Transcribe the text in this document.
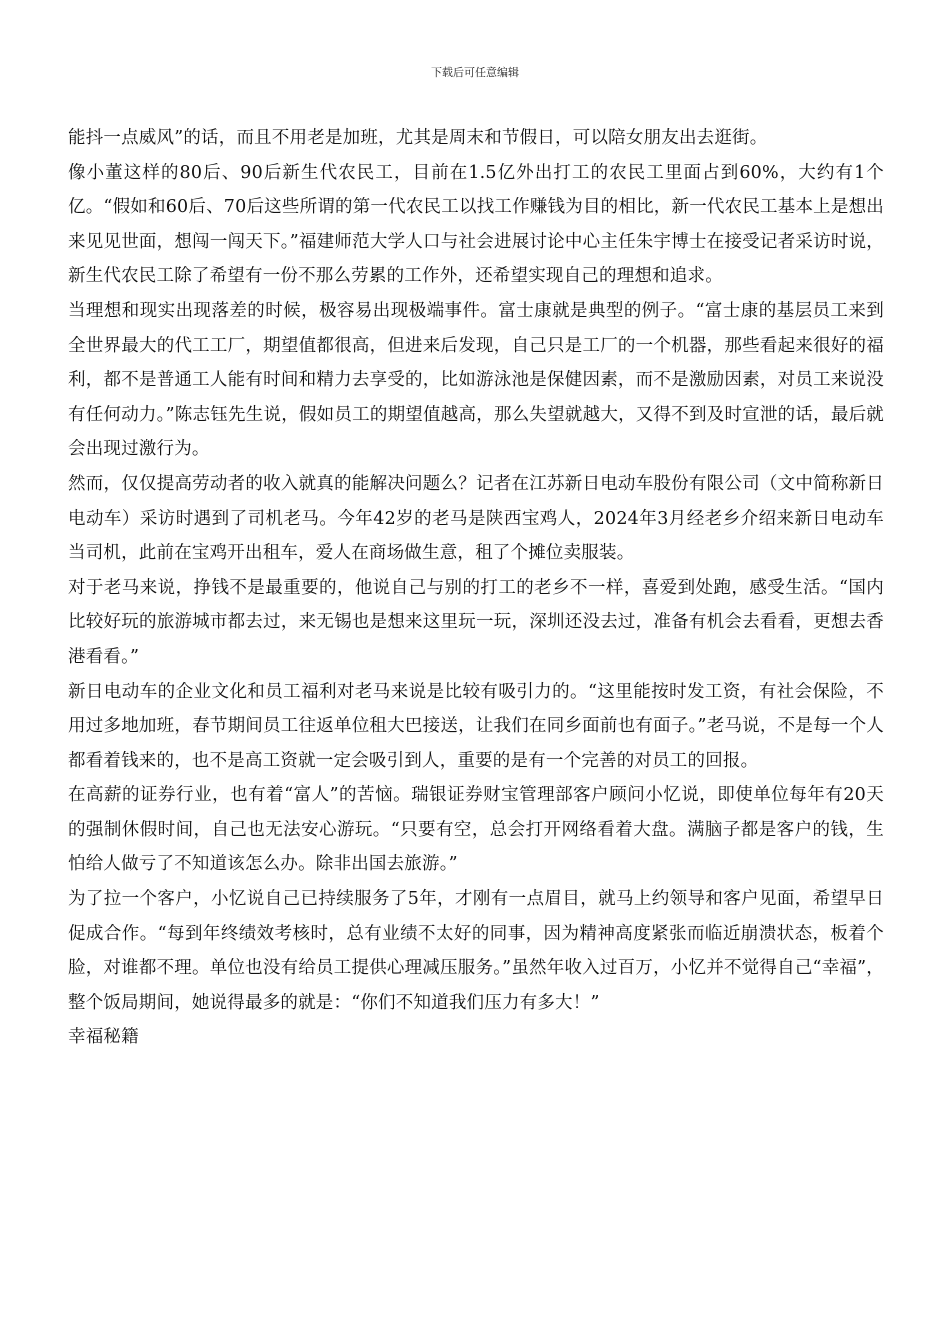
下载后可任意编辑

能抖一点威风”的话，而且不用老是加班，尤其是周末和节假日，可以陪女朋友出去逛街。

像小董这样的80后、90后新生代农民工，目前在1.5亿外出打工的农民工里面占到60%，大约有1个亿。“假如和60后、70后这些所谓的第一代农民工以找工作赚钱为目的相比，新一代农民工基本上是想出来见见世面，想闯一闯天下。”福建师范大学人口与社会进展讨论中心主任朱宇博士在接受记者采访时说，新生代农民工除了希望有一份不那么劳累的工作外，还希望实现自己的理想和追求。

当理想和现实出现落差的时候，极容易出现极端事件。富士康就是典型的例子。“富士康的基层员工来到全世界最大的代工工厂，期望值都很高，但进来后发现，自己只是工厂的一个机器，那些看起来很好的福利，都不是普通工人能有时间和精力去享受的，比如游泳池是保健因素，而不是激励因素，对员工来说没有任何动力。”陈志钰先生说，假如员工的期望值越高，那么失望就越大，又得不到及时宣泄的话，最后就会出现过激行为。

然而，仅仅提高劳动者的收入就真的能解决问题么？记者在江苏新日电动车股份有限公司（文中简称新日电动车）采访时遇到了司机老马。今年42岁的老马是陕西宝鸡人，2024年3月经老乡介绍来新日电动车当司机，此前在宝鸡开出租车，爱人在商场做生意，租了个摊位卖服装。

对于老马来说，挣钱不是最重要的，他说自己与别的打工的老乡不一样，喜爱到处跑，感受生活。“国内比较好玩的旅游城市都去过，来无锡也是想来这里玩一玩，深圳还没去过，准备有机会去看看，更想去香港看看。”

新日电动车的企业文化和员工福利对老马来说是比较有吸引力的。“这里能按时发工资，有社会保险，不用过多地加班，春节期间员工往返单位租大巴接送，让我们在同乡面前也有面子。”老马说，不是每一个人都看着钱来的，也不是高工资就一定会吸引到人，重要的是有一个完善的对员工的回报。

在高薪的证券行业，也有着“富人”的苦恼。瑞银证券财宝管理部客户顾问小忆说，即使单位每年有20天的强制休假时间，自己也无法安心游玩。“只要有空，总会打开网络看着大盘。满脑子都是客户的钱，生怕给人做亏了不知道该怎么办。除非出国去旅游。”

为了拉一个客户，小忆说自己已持续服务了5年，才刚有一点眉目，就马上约领导和客户见面，希望早日促成合作。“每到年终绩效考核时，总有业绩不太好的同事，因为精神高度紧张而临近崩溃状态，板着个脸，对谁都不理。单位也没有给员工提供心理减压服务。”虽然年收入过百万，小忆并不觉得自己“幸福”，整个饭局期间，她说得最多的就是：“你们不知道我们压力有多大！”

幸福秘籍
